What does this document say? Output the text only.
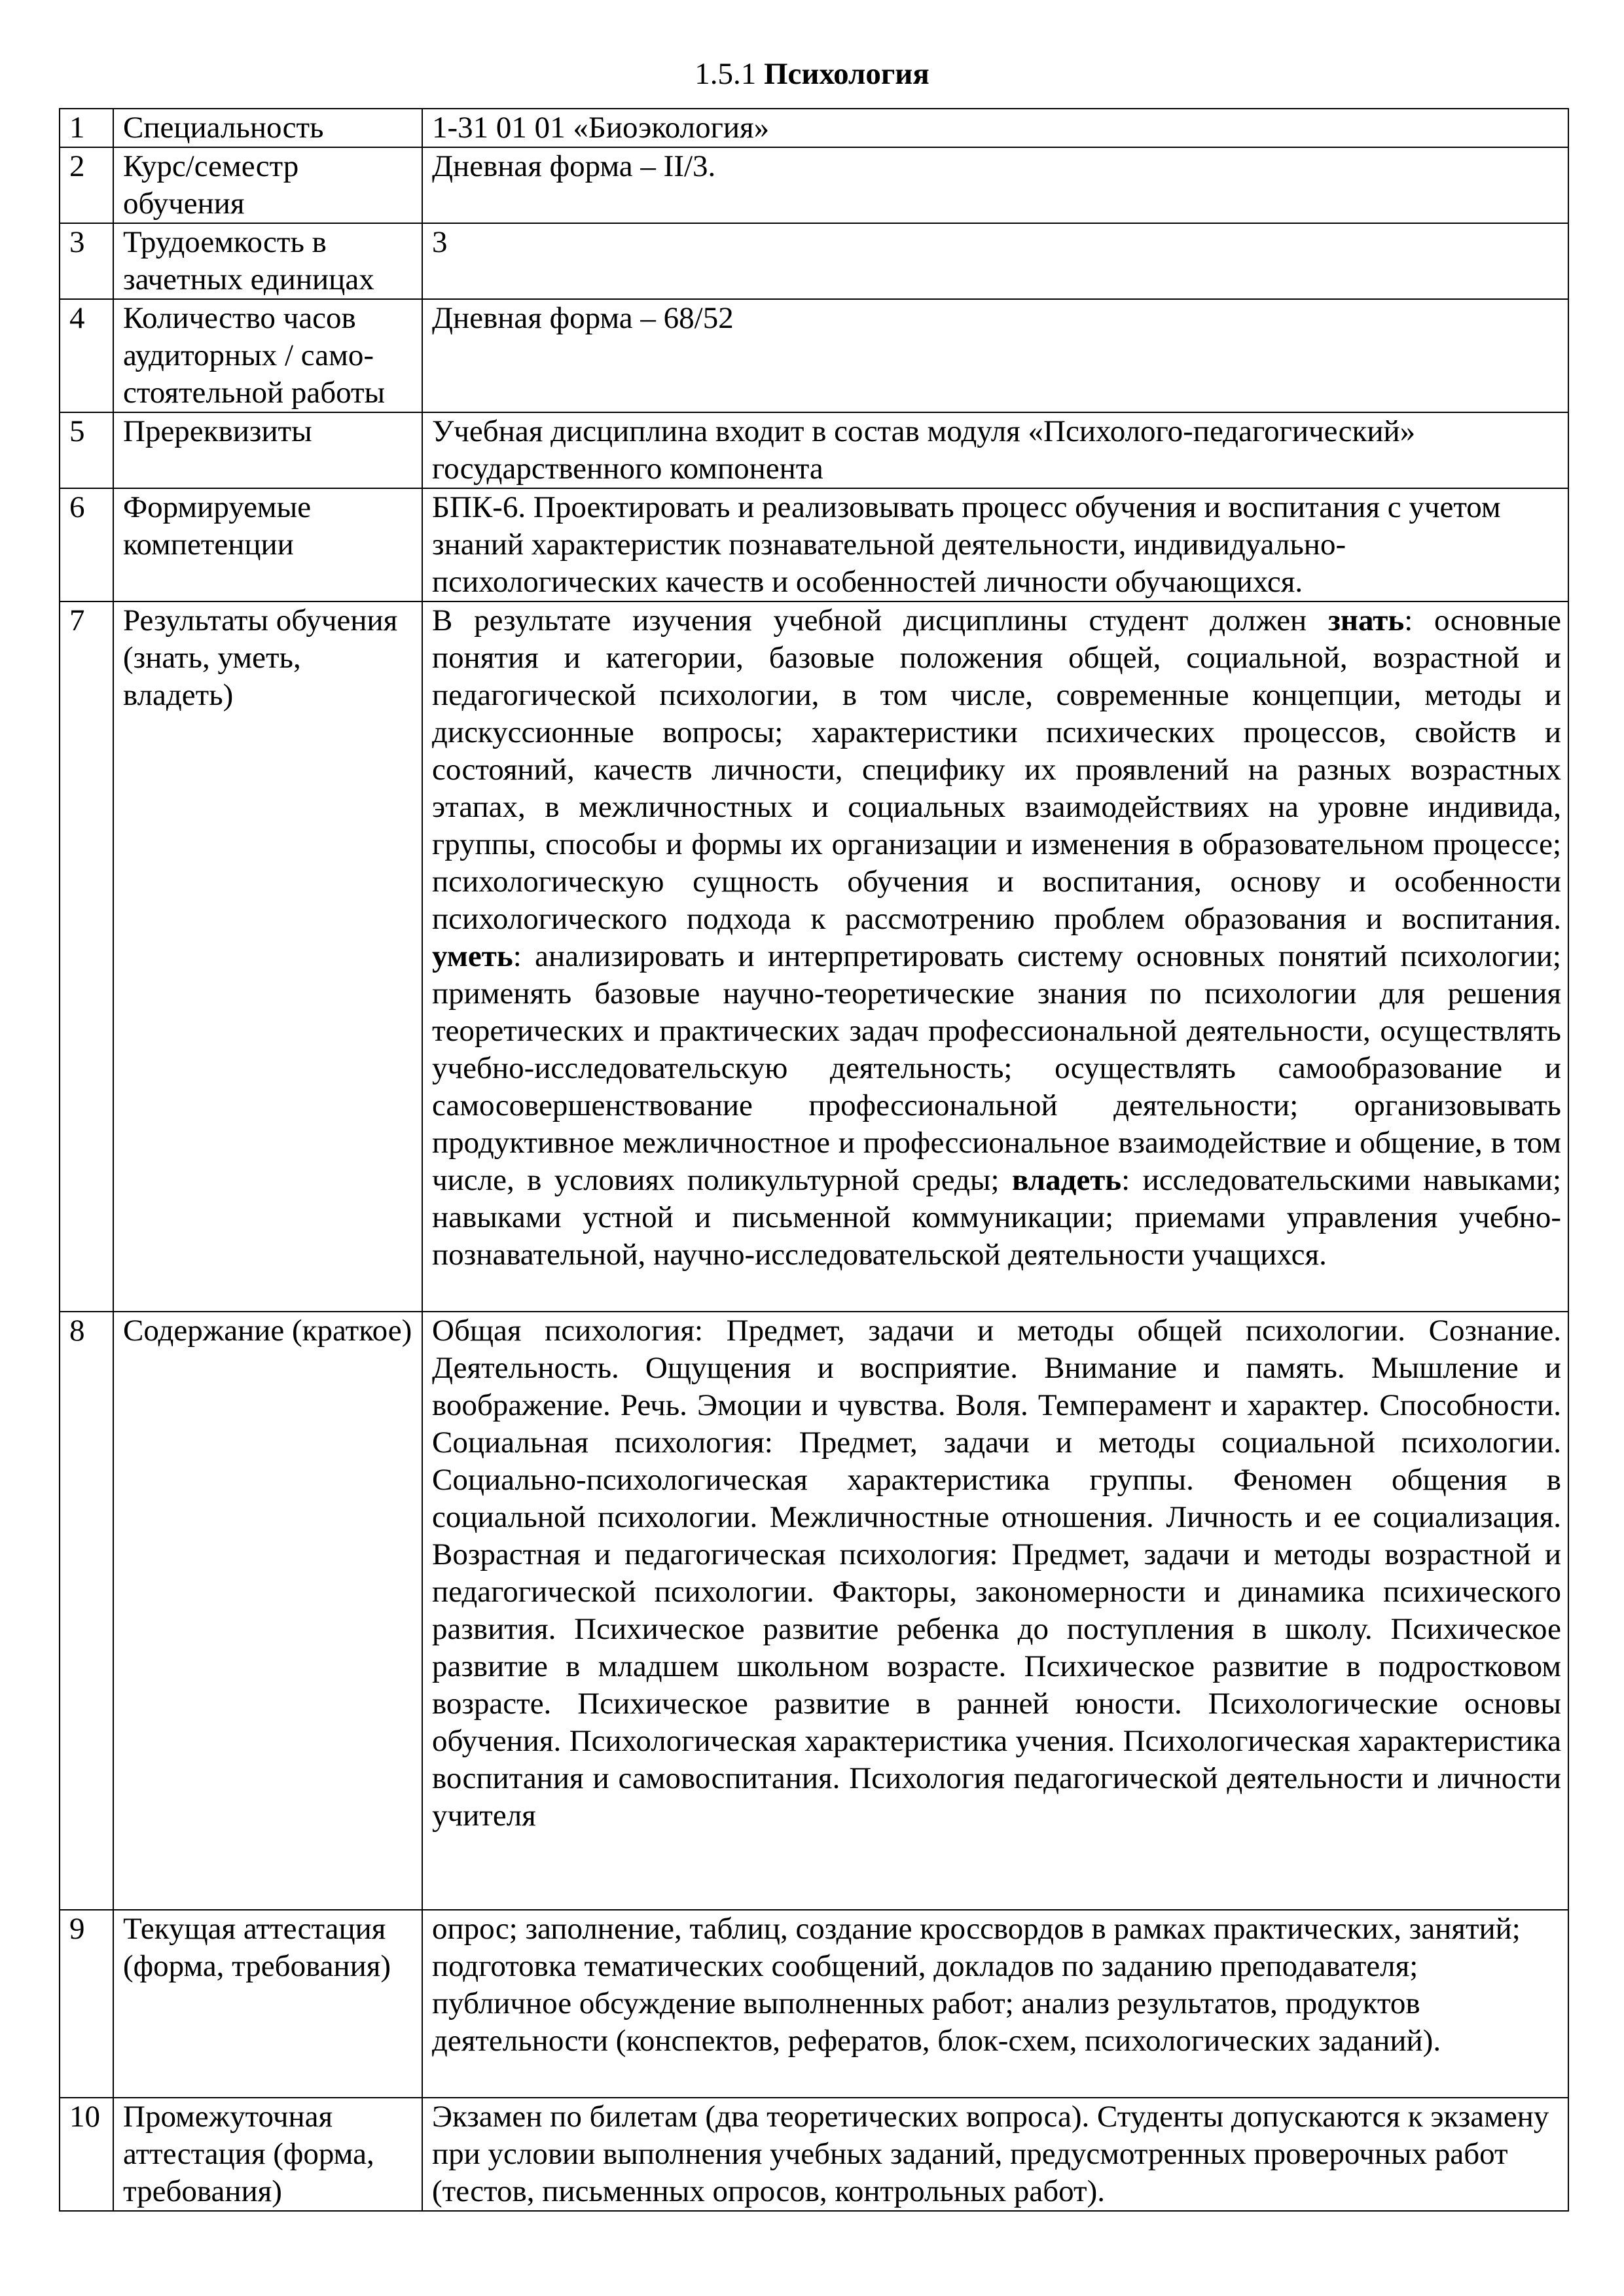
1.5.1 Психология
1	Специальность	1-31 01 01 «Биоэкология»
2	Курс/семестр обучения	Дневная форма – II/3.
3	Трудоемкость в зачетных единицах	3
4	Количество часов аудиторных / само-стоятельной работы	Дневная форма – 68/52
5	Пререквизиты	Учебная дисциплина входит в состав модуля «Психолого-педагогический» государственного компонента
6	Формируемые компетенции	БПК-6. Проектировать и реализовывать процесс обучения и воспитания с учетом знаний характеристик познавательной деятельности, индивидуально-психологических качеств и особенностей личности обучающихся.
7	Результаты обучения (знать, уметь, владеть)	В результате изучения учебной дисциплины студент должен знать: основные понятия и категории, базовые положения общей, социальной, возрастной и педагогической психологии, в том числе, современные концепции, методы и дискуссионные вопросы; характеристики психических процессов, свойств и состояний, качеств личности, специфику их проявлений на разных возрастных этапах, в межличностных и социальных взаимодействиях на уровне индивида, группы, способы и формы их организации и изменения в образовательном процессе; психологическую сущность обучения и воспитания, основу и особенности психологического подхода к рассмотрению проблем образования и воспитания. уметь: анализировать и интерпретировать систему основных понятий психологии; применять базовые научно-теоретические знания по психологии для решения теоретических и практических задач профессиональной деятельности, осуществлять учебно-исследовательскую деятельность; осуществлять самообразование и самосовершенствование профессиональной деятельности; организовывать продуктивное межличностное и профессиональное взаимодействие и общение, в том числе, в условиях поликультурной среды; владеть: исследовательскими навыками; навыками устной и письменной коммуникации; приемами управления учебно-познавательной, научно-исследовательской деятельности учащихся.
8	Содержание (краткое)	Общая психология: Предмет, задачи и методы общей психологии. Сознание. Деятельность. Ощущения и восприятие. Внимание и память. Мышление и воображение. Речь. Эмоции и чувства. Воля. Темперамент и характер. Способности. Социальная психология: Предмет, задачи и методы социальной психологии. Социально-психологическая характеристика группы. Феномен общения в социальной психологии. Межличностные отношения. Личность и ее социализация. Возрастная и педагогическая психология: Предмет, задачи и методы возрастной и педагогической психологии. Факторы, закономерности и динамика психического развития. Психическое развитие ребенка до поступления в школу. Психическое развитие в младшем школьном возрасте. Психическое развитие в подростковом возрасте. Психическое развитие в ранней юности. Психологические основы обучения. Психологическая характеристика учения. Психологическая характеристика воспитания и самовоспитания. Психология педагогической деятельности и личности учителя
9	Текущая аттестация (форма, требования)	опрос; заполнение, таблиц, создание кроссвордов в рамках практических, занятий; подготовка тематических сообщений, докладов по заданию преподавателя; публичное обсуждение выполненных работ; анализ результатов, продуктов деятельности (конспектов, рефератов, блок-схем, психологических заданий).
10	Промежуточная аттестация (форма, требования)	Экзамен по билетам (два теоретических вопроса). Студенты допускаются к экзамену при условии выполнения учебных заданий, предусмотренных проверочных работ (тестов, письменных опросов, контрольных работ).
